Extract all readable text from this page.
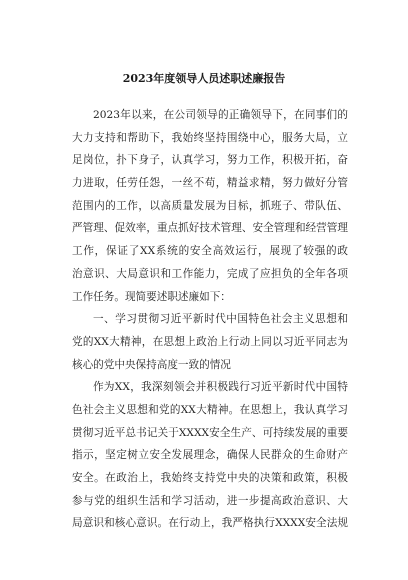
2023年度领导人员述职述廉报告
2023年以来，在公司领导的正确领导下，在同事们的
大力支持和帮助下，我始终坚持围绕中心，服务大局，立
足岗位，扑下身子，认真学习，努力工作，积极开拓，奋
力进取，任劳任怨，一丝不苟，精益求精，努力做好分管
范围内的工作，以高质量发展为目标，抓班子、带队伍、
严管理、促效率，重点抓好技术管理、安全管理和经营管理
工作，保证了XX系统的安全高效运行，展现了较强的政
治意识、大局意识和工作能力，完成了应担负的全年各项
工作任务。现简要述职述廉如下：
一、学习贯彻习近平新时代中国特色社会主义思想和
党的XX大精神，在思想上政治上行动上同以习近平同志为
核心的党中央保持高度一致的情况
作为XX，我深刻领会并积极践行习近平新时代中国特
色社会主义思想和党的XX大精神。在思想上，我认真学习
贯彻习近平总书记关于XXXX安全生产、可持续发展的重要
指示，坚定树立安全发展理念，确保人民群众的生命财产
安全。在政治上，我始终支持党中央的决策和政策，积极
参与党的组织生活和学习活动，进一步提高政治意识、大
局意识和核心意识。在行动上，我严格执行XXXX安全法规
